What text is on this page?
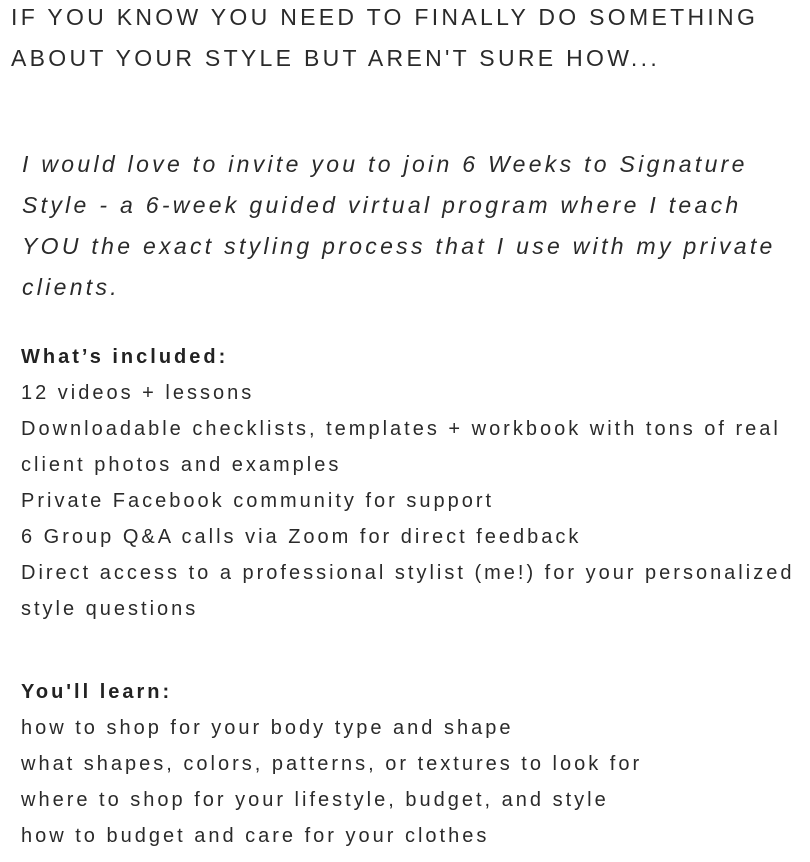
IF YOU KNOW YOU NEED TO FINALLY DO SOMETHING ABOUT YOUR STYLE BUT AREN'T SURE HOW...

I would love to invite you to join 6 Weeks to Signature Style - a 6-week guided virtual program where I teach YOU the exact styling process that I use with my private clients.

What’s included:
12 videos + lessons
Downloadable checklists, templates + workbook with tons of real client photos and examples
Private Facebook community for support
6 Group Q&A calls via Zoom for direct feedback
Direct access to a professional stylist (me!) for your personalized style questions
You'll learn:
how to shop for your body type and shape
what shapes, colors, patterns, or textures to look for
where to shop for your lifestyle, budget, and style
how to budget and care for your clothes
